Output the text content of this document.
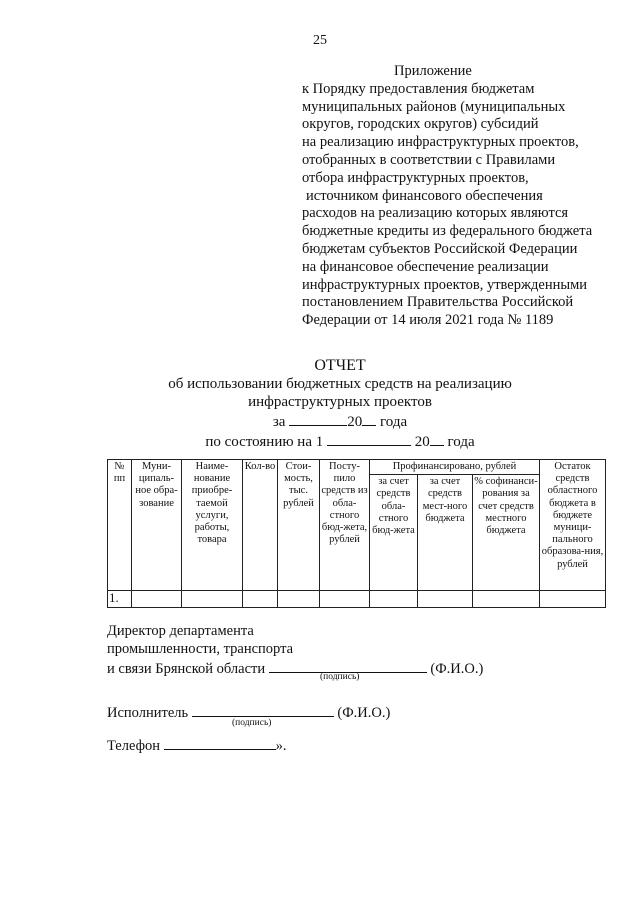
25
Приложение
к Порядку предоставления бюджетам
муниципальных районов (муниципальных
округов, городских округов) субсидий
на реализацию инфраструктурных проектов,
отобранных в соответствии с Правилами
отбора инфраструктурных проектов,
источником финансового обеспечения
расходов на реализацию которых являются
бюджетные кредиты из федерального бюджета
бюджетам субъектов Российской Федерации
на финансовое обеспечение реализации
инфраструктурных проектов, утвержденными
постановлением Правительства Российской
Федерации от 14 июля 2021 года № 1189
ОТЧЕТ
об использовании бюджетных средств на реализацию
инфраструктурных проектов
за	20 года
по состоянию на 1	20 года
№ пп	Муни-ципаль-ное обра-зование	Наиме-нование приобре-таемой услуги, работы, товара	Кол-во	Стои-мость, тыс. рублей	Посту-пило средств из обла-стного бюд-жета, рублей	Профинансировано, рублей			Остаток средств областного бюджета в бюджете муници-пального образова-ния, рублей
						за счет средств обла-стного бюд-жета	за счет средств мест-ного бюджета	% софинанси-рования за счет средств местного бюджета	
1.									
Директор департамента
промышленности, транспорта
и связи Брянской области	(Ф.И.О.)
(подпись)
Исполнитель	(Ф.И.О.)
(подпись)
Телефон	».
